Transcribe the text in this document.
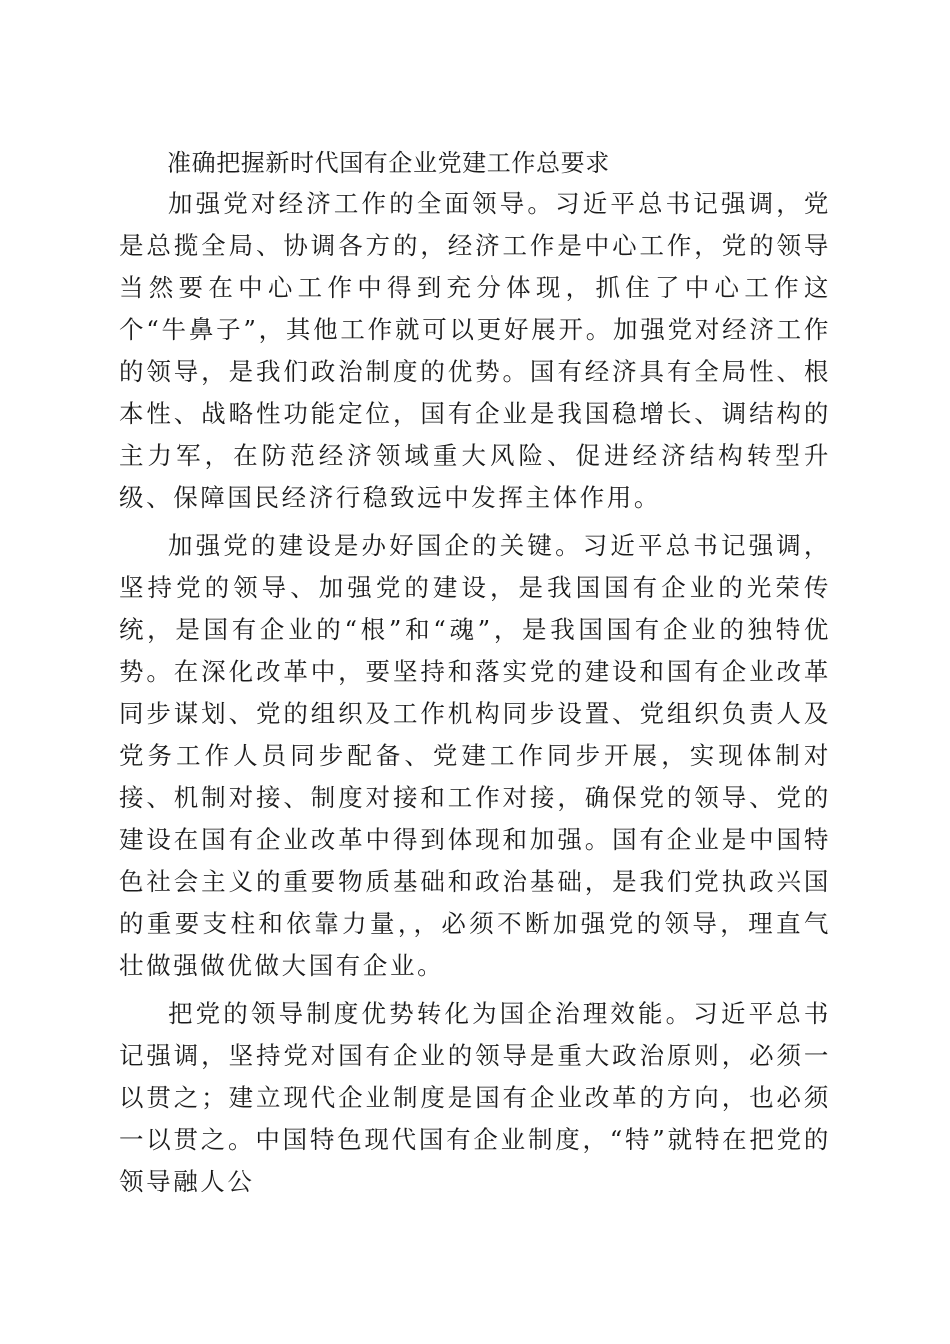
准确把握新时代国有企业党建工作总要求

加强党对经济工作的全面领导。习近平总书记强调，党是总揽全局、协调各方的，经济工作是中心工作，党的领导当然要在中心工作中得到充分体现，抓住了中心工作这个“牛鼻子”，其他工作就可以更好展开。加强党对经济工作的领导，是我们政治制度的优势。国有经济具有全局性、根本性、战略性功能定位，国有企业是我国稳增长、调结构的主力军，在防范经济领域重大风险、促进经济结构转型升级、保障国民经济行稳致远中发挥主体作用。

加强党的建设是办好国企的关键。习近平总书记强调，坚持党的领导、加强党的建设，是我国国有企业的光荣传统，是国有企业的“根”和“魂”，是我国国有企业的独特优势。在深化改革中，要坚持和落实党的建设和国有企业改革同步谋划、党的组织及工作机构同步设置、党组织负责人及党务工作人员同步配备、党建工作同步开展，实现体制对接、机制对接、制度对接和工作对接，确保党的领导、党的建设在国有企业改革中得到体现和加强。国有企业是中国特色社会主义的重要物质基础和政治基础，是我们党执政兴国的重要支柱和依靠力量，，必须不断加强党的领导，理直气壮做强做优做大国有企业。

把党的领导制度优势转化为国企治理效能。习近平总书记强调，坚持党对国有企业的领导是重大政治原则，必须一以贯之；建立现代企业制度是国有企业改革的方向，也必须一以贯之。中国特色现代国有企业制度，“特”就特在把党的领导融人公
